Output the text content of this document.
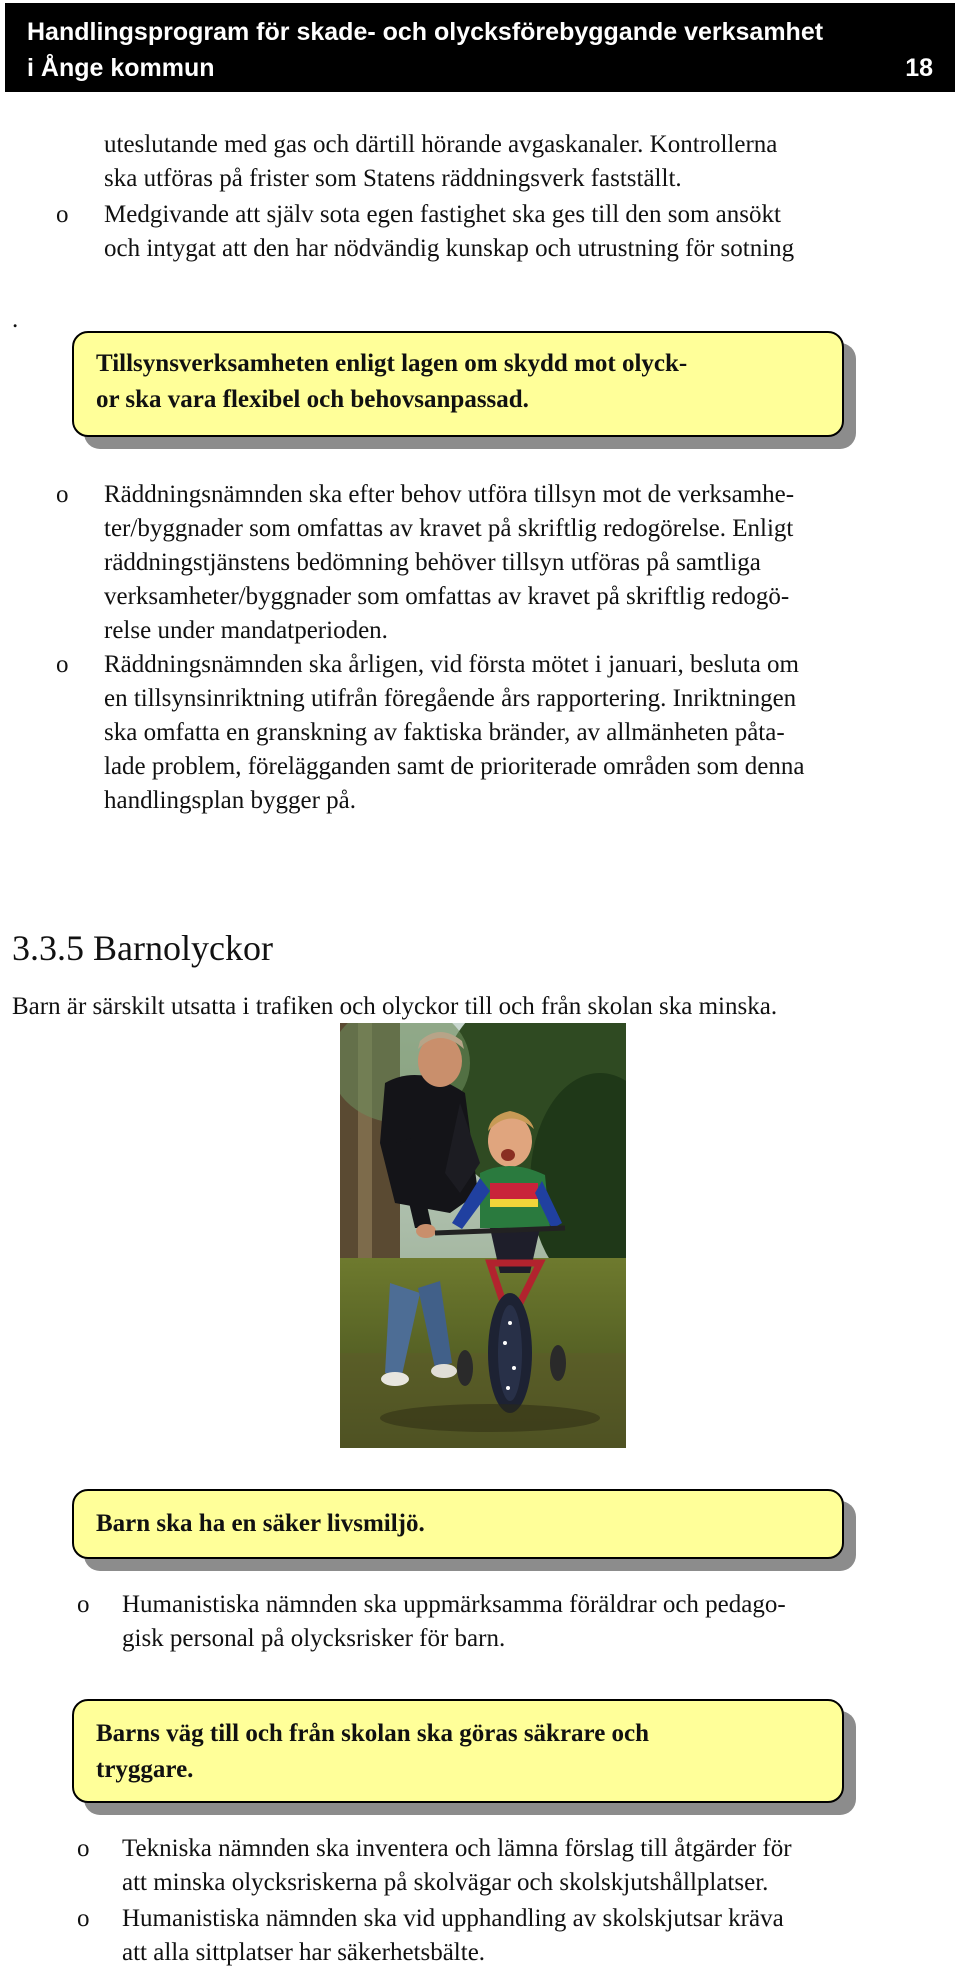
Handlingsprogram för skade- och olycksförebyggande verksamhet
i Ånge kommun	18
uteslutande med gas och därtill hörande avgaskanaler. Kontrollerna
ska utföras på frister som Statens räddningsverk fastställt.
o Medgivande att själv sota egen fastighet ska ges till den som ansökt
och intygat att den har nödvändig kunskap och utrustning för sotning
.
Tillsynsverksamheten enligt lagen om skydd mot olyck-
or ska vara flexibel och behovsanpassad.
o Räddningsnämnden ska efter behov utföra tillsyn mot de verksamhe-
ter/byggnader som omfattas av kravet på skriftlig redogörelse. Enligt
räddningstjänstens bedömning behöver tillsyn utföras på samtliga
verksamheter/byggnader som omfattas av kravet på skriftlig redogö-
relse under mandatperioden.
o Räddningsnämnden ska årligen, vid första mötet i januari, besluta om
en tillsynsinriktning utifrån föregående års rapportering. Inriktningen
ska omfatta en granskning av faktiska bränder, av allmänheten påta-
lade problem, förelägganden samt de prioriterade områden som denna
handlingsplan bygger på.
3.3.5 Barnolyckor
Barn är särskilt utsatta i trafiken och olyckor till och från skolan ska minska.
Barn ska ha en säker livsmiljö.
o Humanistiska nämnden ska uppmärksamma föräldrar och pedago-
gisk personal på olycksrisker för barn.
Barns väg till och från skolan ska göras säkrare och
tryggare.
o Tekniska nämnden ska inventera och lämna förslag till åtgärder för
att minska olycksriskerna på skolvägar och skolskjutshållplatser.
o Humanistiska nämnden ska vid upphandling av skolskjutsar kräva
att alla sittplatser har säkerhetsbälte.
